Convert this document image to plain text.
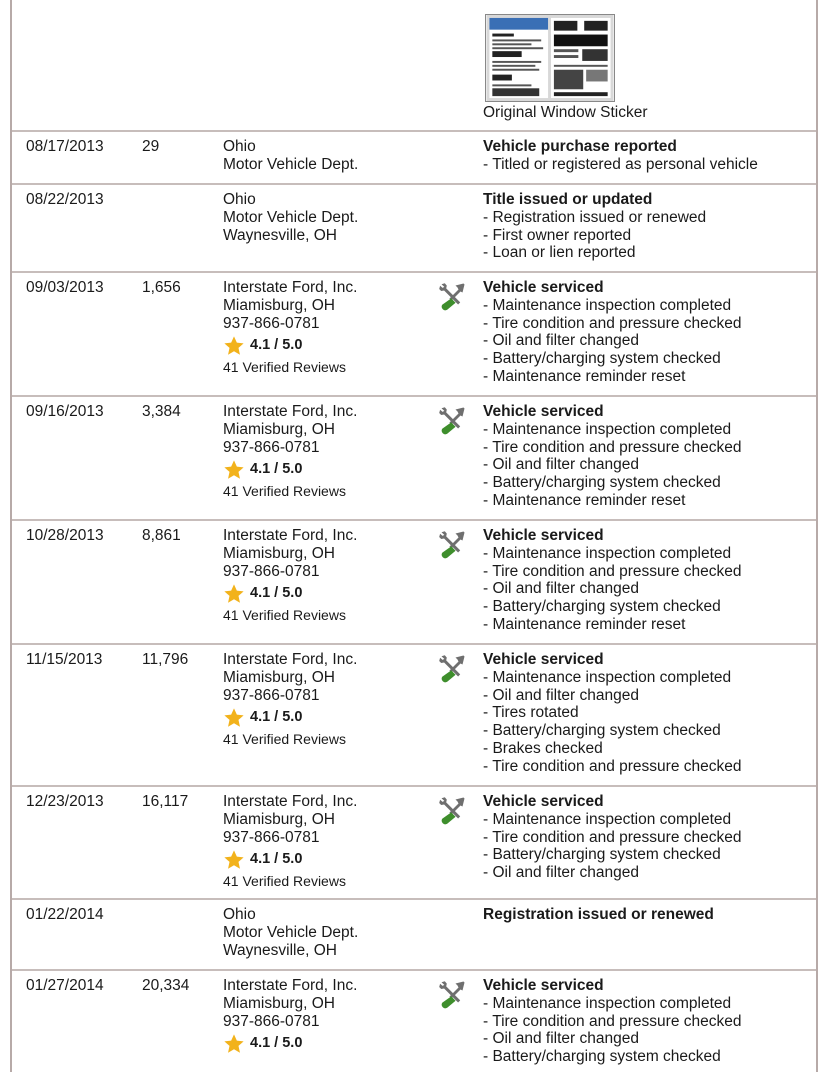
Original Window Sticker
08/17/2013 29	Ohio
Motor Vehicle Dept.
Vehicle purchase reported
- Titled or registered as personal vehicle
08/22/2013	Ohio
Motor Vehicle Dept.
Waynesville, OH
Title issued or updated
- Registration issued or renewed
- First owner reported
- Loan or lien reported
09/03/2013 1,656	Interstate Ford, Inc.
Miamisburg, OH
937-866-0781
4.1 / 5.0
41 Verified Reviews
Vehicle serviced
- Maintenance inspection completed
- Tire condition and pressure checked
- Oil and filter changed
- Battery/charging system checked
- Maintenance reminder reset
09/16/2013 3,384	Interstate Ford, Inc.
Miamisburg, OH
937-866-0781
4.1 / 5.0
41 Verified Reviews
Vehicle serviced
- Maintenance inspection completed
- Tire condition and pressure checked
- Oil and filter changed
- Battery/charging system checked
- Maintenance reminder reset
10/28/2013 8,861	Interstate Ford, Inc.
Miamisburg, OH
937-866-0781
4.1 / 5.0
41 Verified Reviews
Vehicle serviced
- Maintenance inspection completed
- Tire condition and pressure checked
- Oil and filter changed
- Battery/charging system checked
- Maintenance reminder reset
11/15/2013	11,796 Interstate Ford, Inc.
Miamisburg, OH
937-866-0781
4.1 / 5.0
41 Verified Reviews
Vehicle serviced
- Maintenance inspection completed
- Oil and filter changed
- Tires rotated
- Battery/charging system checked
- Brakes checked
- Tire condition and pressure checked
12/23/2013 16,117 Interstate Ford, Inc.
Miamisburg, OH
937-866-0781
4.1 / 5.0
41 Verified Reviews
Vehicle serviced
- Maintenance inspection completed
- Tire condition and pressure checked
- Battery/charging system checked
- Oil and filter changed
01/22/2014	Ohio
Motor Vehicle Dept.
Waynesville, OH
Registration issued or renewed
01/27/2014 20,334 Interstate Ford, Inc.
Miamisburg, OH
937-866-0781
4.1 / 5.0
Vehicle serviced
- Maintenance inspection completed
- Tire condition and pressure checked
- Oil and filter changed
- Battery/charging system checked
